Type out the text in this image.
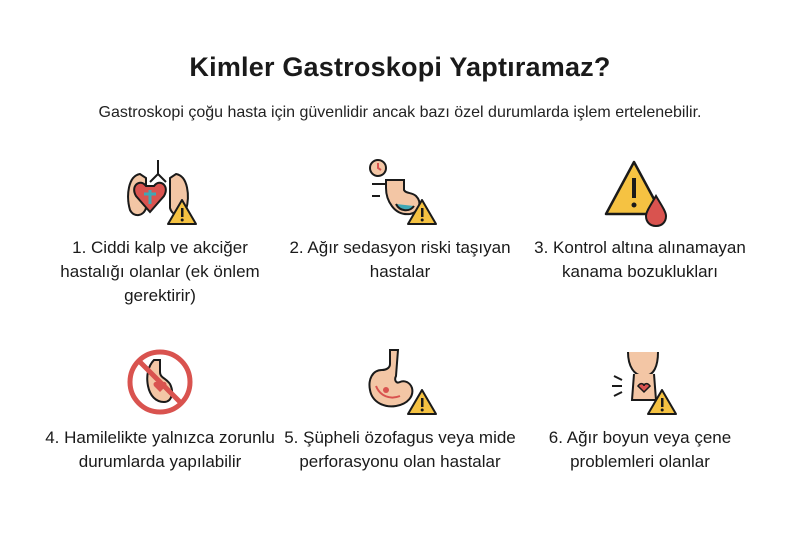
Kimler Gastroskopi Yaptıramaz?
Gastroskopi çoğu hasta için güvenlidir ancak bazı özel durumlarda işlem ertelenebilir.
1. Ciddi kalp ve akciğer hastalığı olanlar (ek önlem gerektirir)
2. Ağır sedasyon riski taşıyan hastalar
3. Kontrol altına alınamayan kanama bozuklukları
4. Hamilelikte yalnızca zorunlu durumlarda yapılabilir
5. Şüpheli özofagus veya mide perforasyonu olan hastalar
6. Ağır boyun veya çene problemleri olanlar
